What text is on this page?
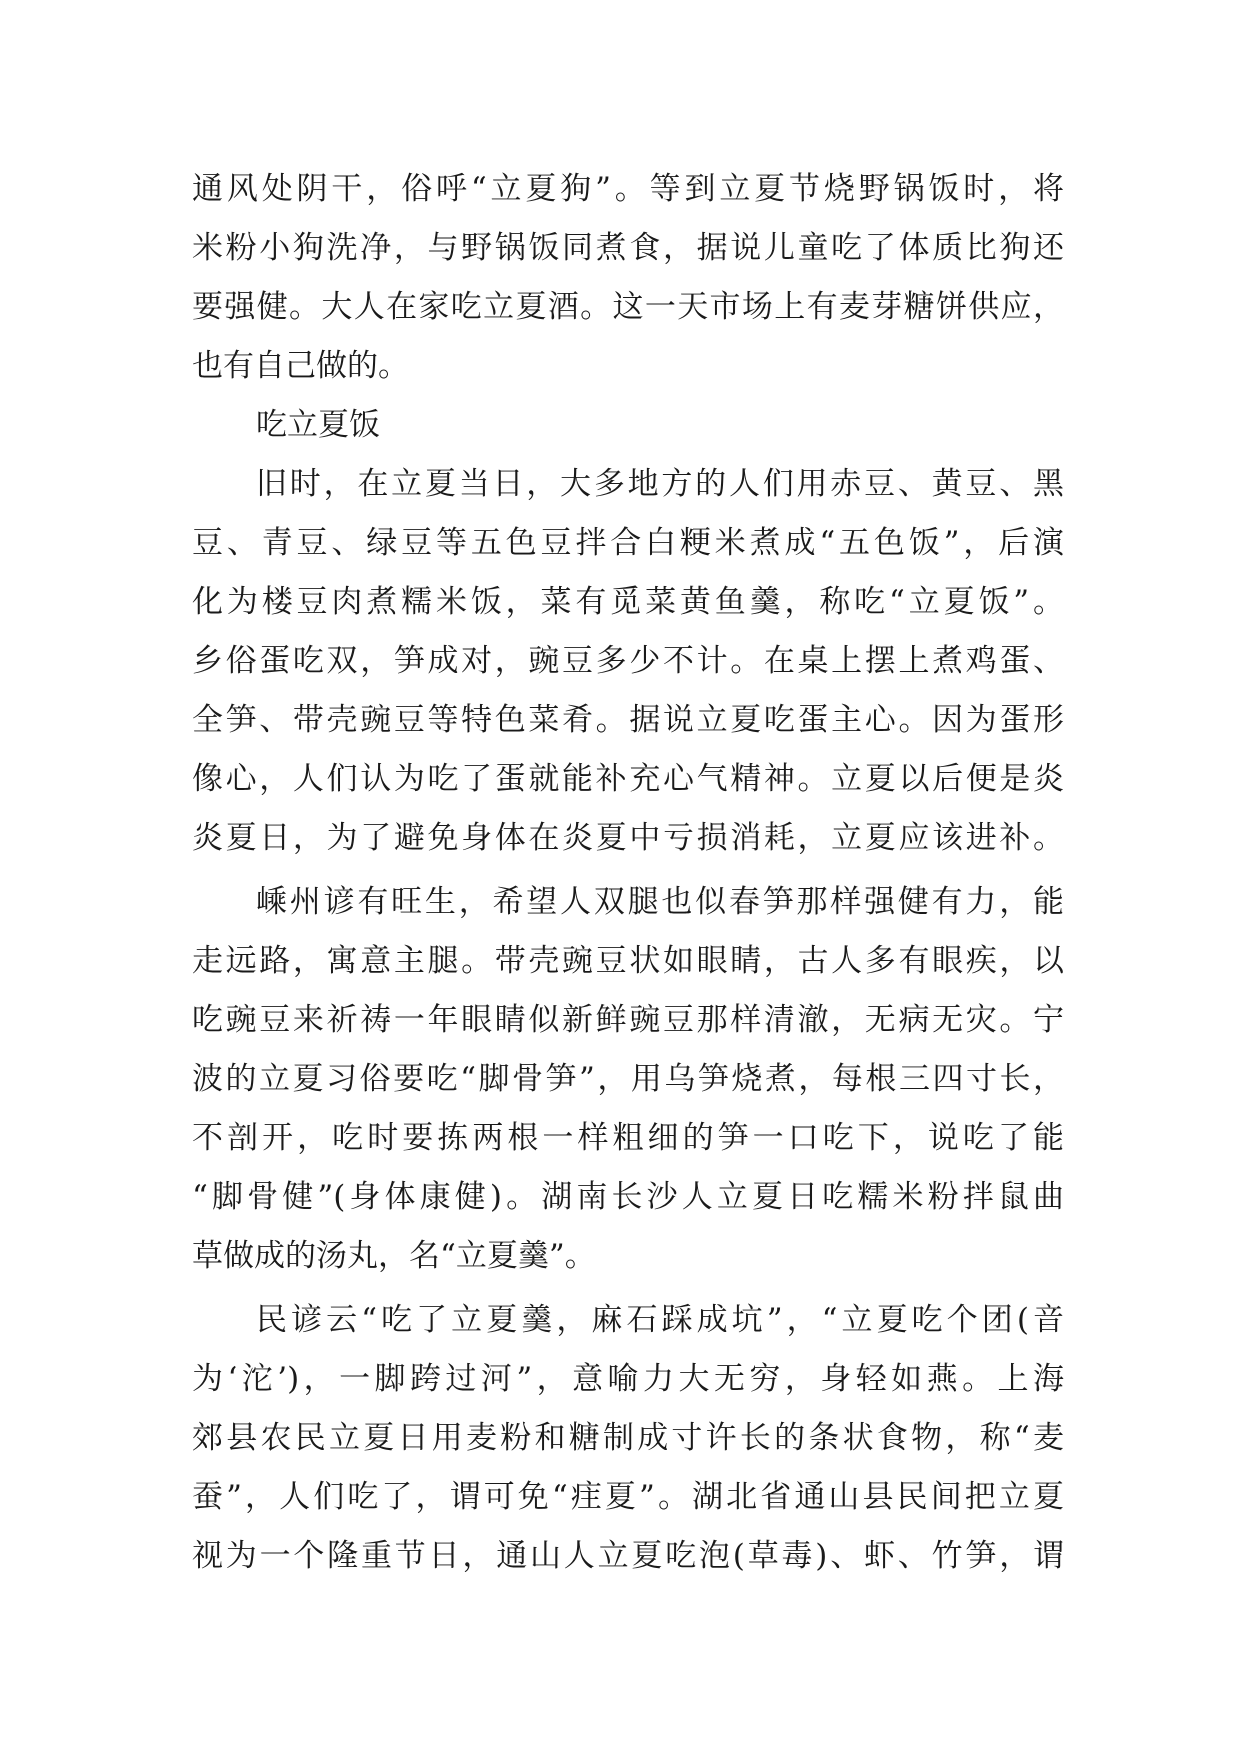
通风处阴干，俗呼“立夏狗”。等到立夏节烧野锅饭时，将
米粉小狗洗净，与野锅饭同煮食，据说儿童吃了体质比狗还
要强健。大人在家吃立夏酒。这一天市场上有麦芽糖饼供应，
也有自己做的。
吃立夏饭
旧时，在立夏当日，大多地方的人们用赤豆、黄豆、黑
豆、青豆、绿豆等五色豆拌合白粳米煮成“五色饭”，后演
化为楼豆肉煮糯米饭，菜有觅菜黄鱼羹，称吃“立夏饭”。
乡俗蛋吃双，笋成对，豌豆多少不计。在桌上摆上煮鸡蛋、
全笋、带壳豌豆等特色菜肴。据说立夏吃蛋主心。因为蛋形
像心，人们认为吃了蛋就能补充心气精神。立夏以后便是炎
炎夏日，为了避免身体在炎夏中亏损消耗，立夏应该进补。
嵊州谚有旺生，希望人双腿也似春笋那样强健有力，能
走远路，寓意主腿。带壳豌豆状如眼睛，古人多有眼疾，以
吃豌豆来祈祷一年眼睛似新鲜豌豆那样清澈，无病无灾。宁
波的立夏习俗要吃“脚骨笋”，用乌笋烧煮，每根三四寸长，
不剖开，吃时要拣两根一样粗细的笋一口吃下，说吃了能
“脚骨健”(身体康健)。湖南长沙人立夏日吃糯米粉拌鼠曲
草做成的汤丸，名“立夏羹”。
民谚云“吃了立夏羹，麻石踩成坑”，“立夏吃个团(音
为‘沱’)，一脚跨过河”，意喻力大无穷，身轻如燕。上海
郊县农民立夏日用麦粉和糖制成寸许长的条状食物，称“麦
蚕”，人们吃了，谓可免“疰夏”。湖北省通山县民间把立夏
视为一个隆重节日，通山人立夏吃泡(草毒)、虾、竹笋，谓
